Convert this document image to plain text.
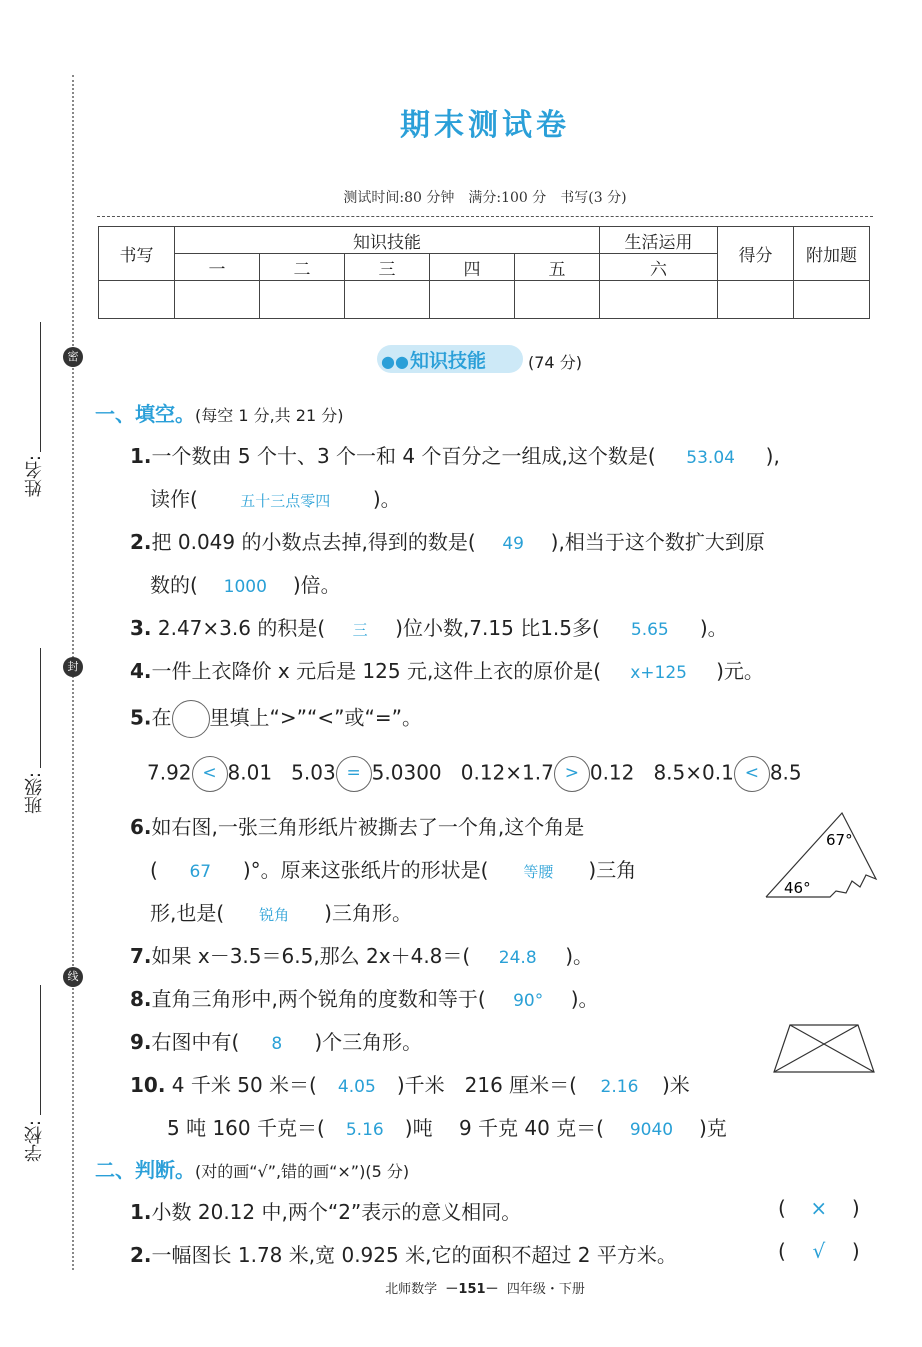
密
封
线
姓名:
班级:
学校:
期末测试卷
测试时间:80 分钟　满分:100 分　书写(3 分)
书写	知识技能					生活运用	得分	附加题
	一	二	三	四	五	六		

●● 知识技能	(74 分)
一、填空。(每空 1 分,共 21 分)
1.一个数由 5 个十、3 个一和 4 个百分之一组成,这个数是( 53.04 ),
读作(	五十三点零四 )。
2.把 0.049 的小数点去掉,得到的数是( 49 ),相当于这个数扩大到原
数的( 1000 )倍。
3. 2.47×3.6 的积是( 三 )位小数,7.15 比1.5多( 5.65 )。
4.一件上衣降价 x 元后是 125 元,这件上衣的原价是( x+125 )元。
5.在 里填上“>”“<”或“=”。
7.92 < 8.01 5.03 = 5.0300 0.12×1.7 > 0.12 8.5×0.1 < 8.5
6.如右图,一张三角形纸片被撕去了一个角,这个角是
( 67 )°。原来这张纸片的形状是( 等腰 )三角
形,也是( 锐角 )三角形。
67°
46°
7.如果 x－3.5＝6.5,那么 2x＋4.8＝( 24.8 )。
8.直角三角形中,两个锐角的度数和等于( 90° )。
9.右图中有( 8 )个三角形。
10. 4 千米 50 米＝( 4.05 )千米　216 厘米＝( 2.16 )米
5 吨 160 千克＝( 5.16 )吨　 9 千克 40 克＝( 9040 )克
二、判断。(对的画“√”,错的画“×”)(5 分)
1.小数 20.12 中,两个“2”表示的意义相同。	( × )
2.一幅图长 1.78 米,宽 0.925 米,它的面积不超过 2 平方米。	( √ )
北师数学 －151－ 四年级・下册
